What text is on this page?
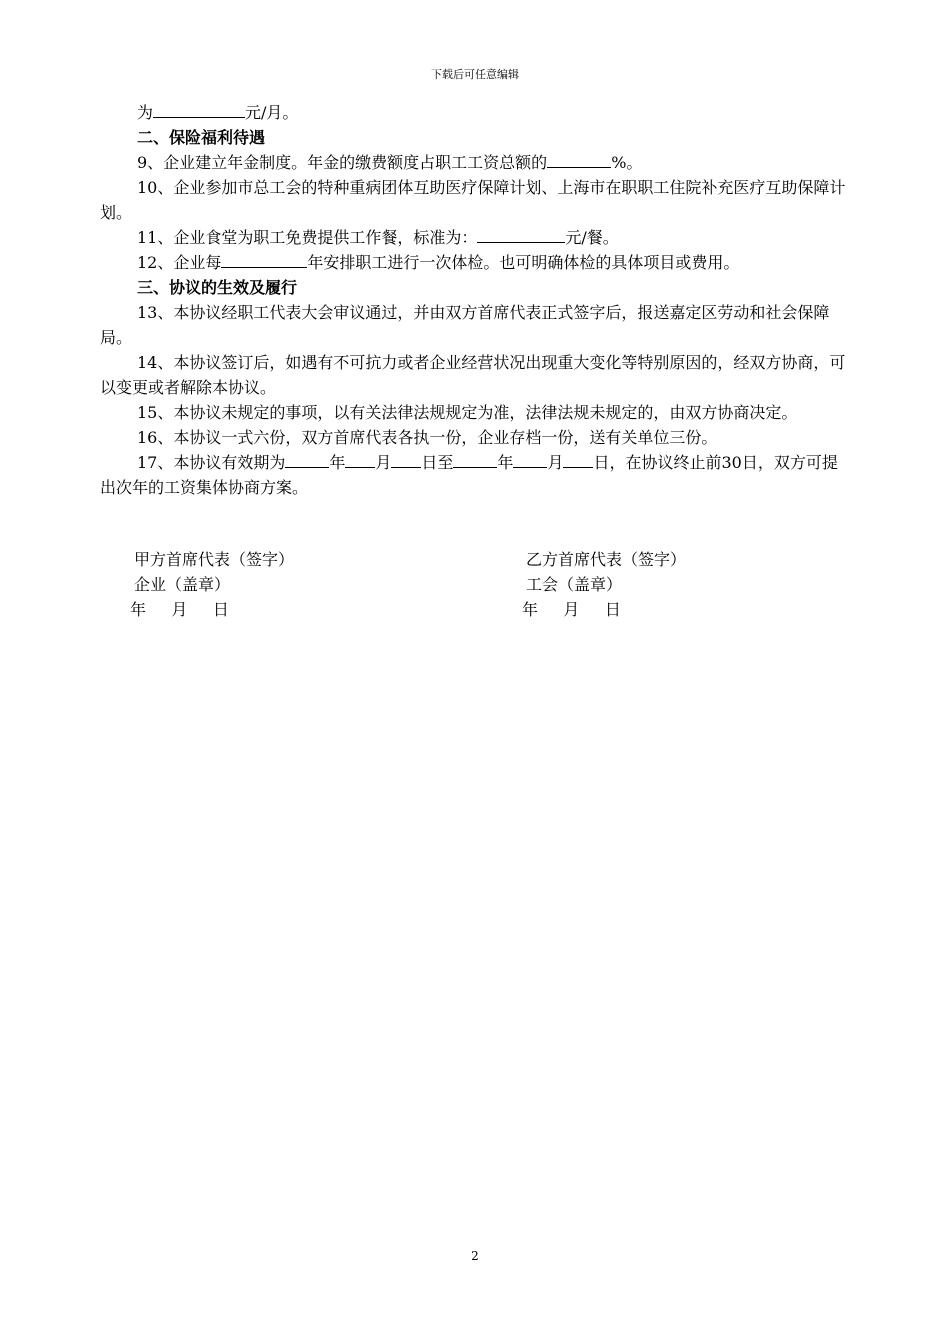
下载后可任意编辑

为	元/月。

二、保险福利待遇

9、企业建立年金制度。年金的缴费额度占职工工资总额的	%。

10、企业参加市总工会的特种重病团体互助医疗保障计划、上海市在职职工住院补充医疗互助保障计划。

11、企业食堂为职工免费提供工作餐，标准为：	元/餐。

12、企业每	年安排职工进行一次体检。也可明确体检的具体项目或费用。

三、协议的生效及履行

13、本协议经职工代表大会审议通过，并由双方首席代表正式签字后，报送嘉定区劳动和社会保障局。

14、本协议签订后，如遇有不可抗力或者企业经营状况出现重大变化等特别原因的，经双方协商，可以变更或者解除本协议。

15、本协议未规定的事项，以有关法律法规规定为准，法律法规未规定的，由双方协商决定。

16、本协议一式六份，双方首席代表各执一份，企业存档一份，送有关单位三份。

17、本协议有效期为	年 月 日至	年 月 日，在协议终止前30日，双方可提出次年的工资集体协商方案。

甲方首席代表（签字）
企业（盖章）
年     月     日
乙方首席代表（签字）
工会（盖章）
年     月     日
2
